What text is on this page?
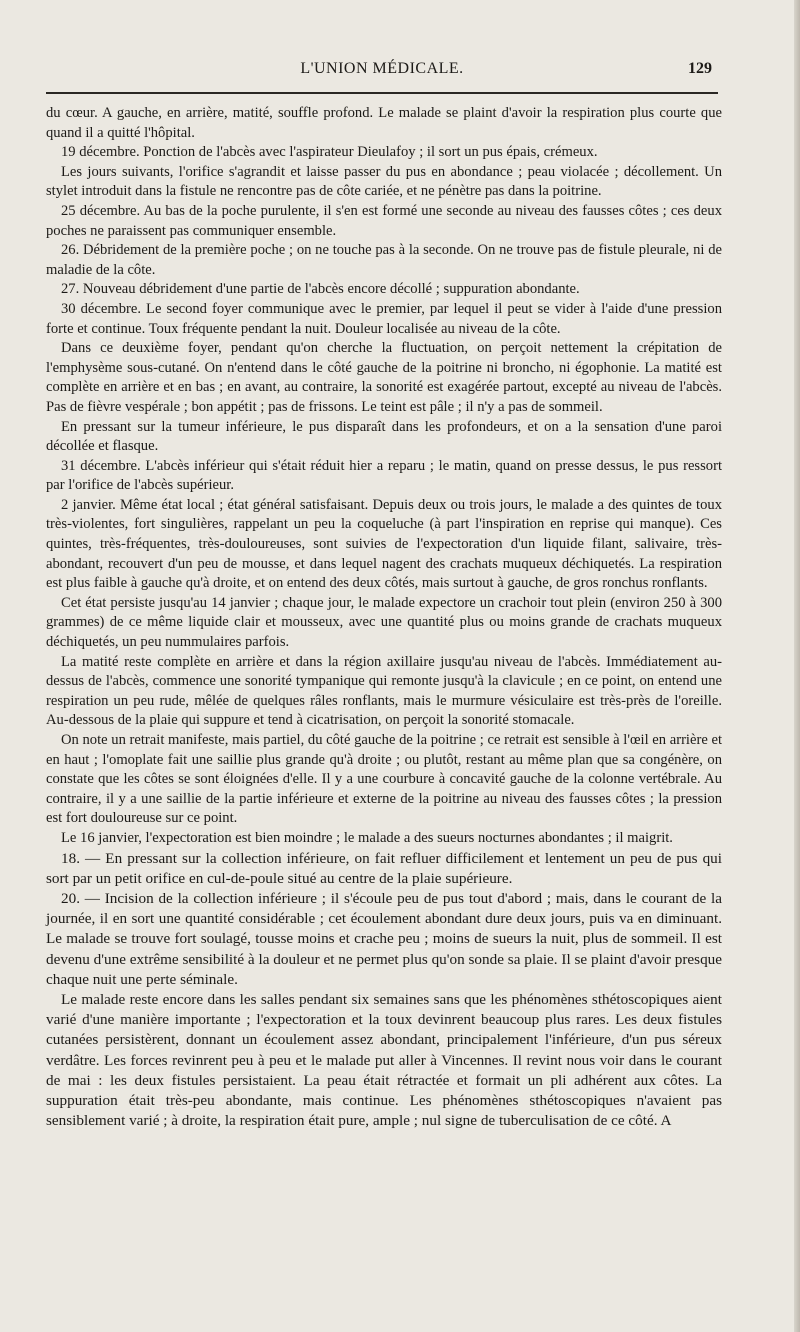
L'UNION MÉDICALE.	129

du cœur. A gauche, en arrière, matité, souffle profond. Le malade se plaint d'avoir la respiration plus courte que quand il a quitté l'hôpital.

19 décembre. Ponction de l'abcès avec l'aspirateur Dieulafoy ; il sort un pus épais, crémeux.

Les jours suivants, l'orifice s'agrandit et laisse passer du pus en abondance ; peau violacée ; décollement. Un stylet introduit dans la fistule ne rencontre pas de côte cariée, et ne pénètre pas dans la poitrine.

25 décembre. Au bas de la poche purulente, il s'en est formé une seconde au niveau des fausses côtes ; ces deux poches ne paraissent pas communiquer ensemble.

26. Débridement de la première poche ; on ne touche pas à la seconde. On ne trouve pas de fistule pleurale, ni de maladie de la côte.

27. Nouveau débridement d'une partie de l'abcès encore décollé ; suppuration abondante.

30 décembre. Le second foyer communique avec le premier, par lequel il peut se vider à l'aide d'une pression forte et continue. Toux fréquente pendant la nuit. Douleur localisée au niveau de la côte.

Dans ce deuxième foyer, pendant qu'on cherche la fluctuation, on perçoit nettement la crépitation de l'emphysème sous-cutané. On n'entend dans le côté gauche de la poitrine ni broncho, ni égophonie. La matité est complète en arrière et en bas ; en avant, au contraire, la sonorité est exagérée partout, excepté au niveau de l'abcès. Pas de fièvre vespérale ; bon appétit ; pas de frissons. Le teint est pâle ; il n'y a pas de sommeil.

En pressant sur la tumeur inférieure, le pus disparaît dans les profondeurs, et on a la sensation d'une paroi décollée et flasque.

31 décembre. L'abcès inférieur qui s'était réduit hier a reparu ; le matin, quand on presse dessus, le pus ressort par l'orifice de l'abcès supérieur.

2 janvier. Même état local ; état général satisfaisant. Depuis deux ou trois jours, le malade a des quintes de toux très-violentes, fort singulières, rappelant un peu la coqueluche (à part l'inspiration en reprise qui manque). Ces quintes, très-fréquentes, très-douloureuses, sont suivies de l'expectoration d'un liquide filant, salivaire, très-abondant, recouvert d'un peu de mousse, et dans lequel nagent des crachats muqueux déchiquetés. La respiration est plus faible à gauche qu'à droite, et on entend des deux côtés, mais surtout à gauche, de gros ronchus ronflants.

Cet état persiste jusqu'au 14 janvier ; chaque jour, le malade expectore un crachoir tout plein (environ 250 à 300 grammes) de ce même liquide clair et mousseux, avec une quantité plus ou moins grande de crachats muqueux déchiquetés, un peu nummulaires parfois.

La matité reste complète en arrière et dans la région axillaire jusqu'au niveau de l'abcès. Immédiatement au-dessus de l'abcès, commence une sonorité tympanique qui remonte jusqu'à la clavicule ; en ce point, on entend une respiration un peu rude, mêlée de quelques râles ronflants, mais le murmure vésiculaire est très-près de l'oreille. Au-dessous de la plaie qui suppure et tend à cicatrisation, on perçoit la sonorité stomacale.

On note un retrait manifeste, mais partiel, du côté gauche de la poitrine ; ce retrait est sensible à l'œil en arrière et en haut ; l'omoplate fait une saillie plus grande qu'à droite ; ou plutôt, restant au même plan que sa congénère, on constate que les côtes se sont éloignées d'elle. Il y a une courbure à concavité gauche de la colonne vertébrale. Au contraire, il y a une saillie de la partie inférieure et externe de la poitrine au niveau des fausses côtes ; la pression est fort douloureuse sur ce point.

Le 16 janvier, l'expectoration est bien moindre ; le malade a des sueurs nocturnes abondantes ; il maigrit.

18. — En pressant sur la collection inférieure, on fait refluer difficilement et lentement un peu de pus qui sort par un petit orifice en cul-de-poule situé au centre de la plaie supérieure.

20. — Incision de la collection inférieure ; il s'écoule peu de pus tout d'abord ; mais, dans le courant de la journée, il en sort une quantité considérable ; cet écoulement abondant dure deux jours, puis va en diminuant. Le malade se trouve fort soulagé, tousse moins et crache peu ; moins de sueurs la nuit, plus de sommeil. Il est devenu d'une extrême sensibilité à la douleur et ne permet plus qu'on sonde sa plaie. Il se plaint d'avoir presque chaque nuit une perte séminale.

Le malade reste encore dans les salles pendant six semaines sans que les phénomènes sthétoscopiques aient varié d'une manière importante ; l'expectoration et la toux devinrent beaucoup plus rares. Les deux fistules cutanées persistèrent, donnant un écoulement assez abondant, principalement l'inférieure, d'un pus séreux verdâtre. Les forces revinrent peu à peu et le malade put aller à Vincennes. Il revint nous voir dans le courant de mai : les deux fistules persistaient. La peau était rétractée et formait un pli adhérent aux côtes. La suppuration était très-peu abondante, mais continue. Les phénomènes sthétoscopiques n'avaient pas sensiblement varié ; à droite, la respiration était pure, ample ; nul signe de tuberculisation de ce côté. A
